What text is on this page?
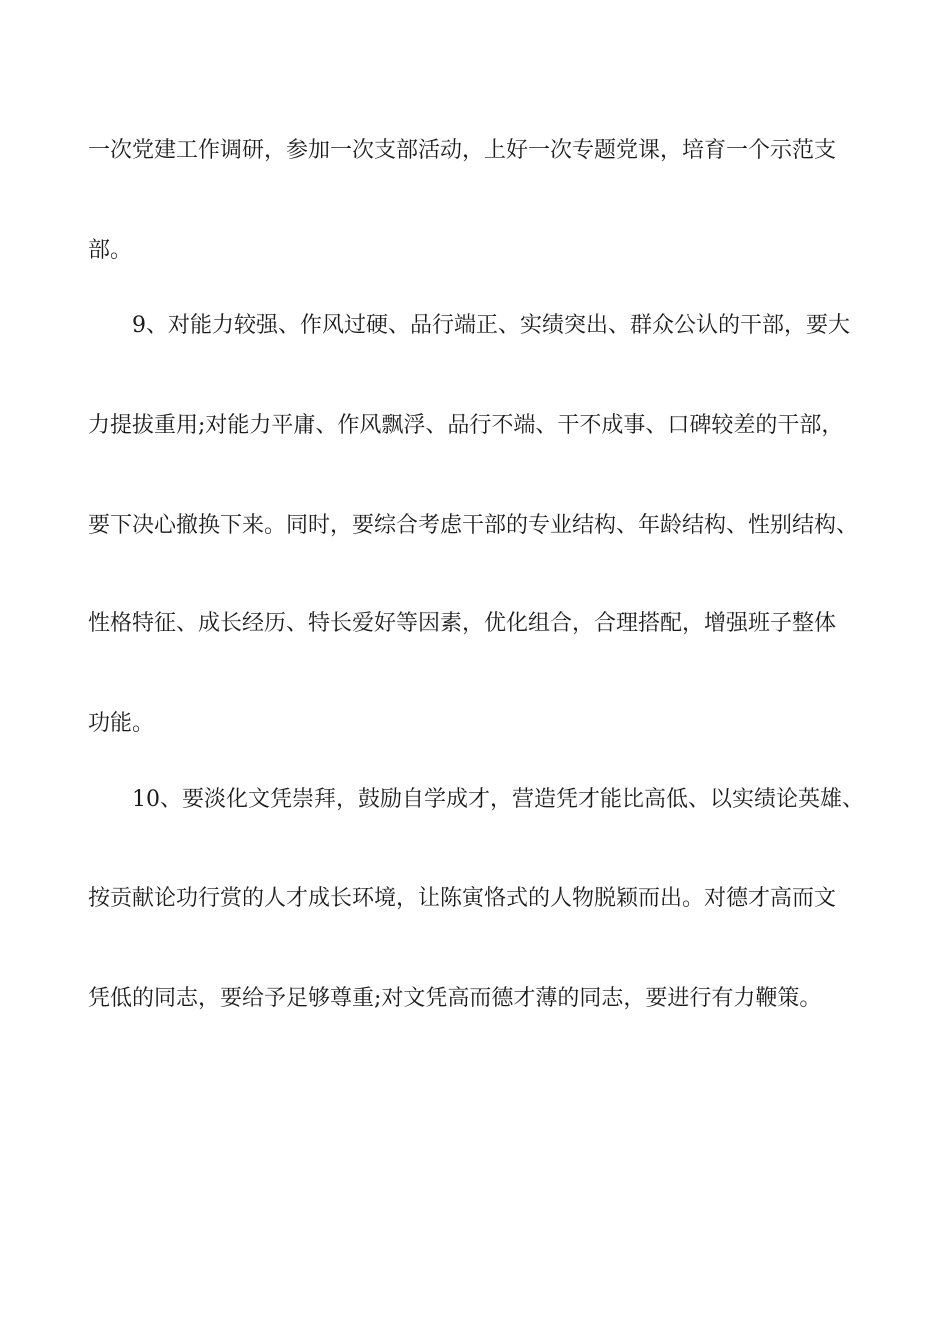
一次党建工作调研，参加一次支部活动，上好一次专题党课，培育一个示范支

部。

9、对能力较强、作风过硬、品行端正、实绩突出、群众公认的干部，要大

力提拔重用;对能力平庸、作风飘浮、品行不端、干不成事、口碑较差的干部，

要下决心撤换下来。同时，要综合考虑干部的专业结构、年龄结构、性别结构、

性格特征、成长经历、特长爱好等因素，优化组合，合理搭配，增强班子整体

功能。

10、要淡化文凭崇拜，鼓励自学成才，营造凭才能比高低、以实绩论英雄、

按贡献论功行赏的人才成长环境，让陈寅恪式的人物脱颖而出。对德才高而文

凭低的同志，要给予足够尊重;对文凭高而德才薄的同志，要进行有力鞭策。
